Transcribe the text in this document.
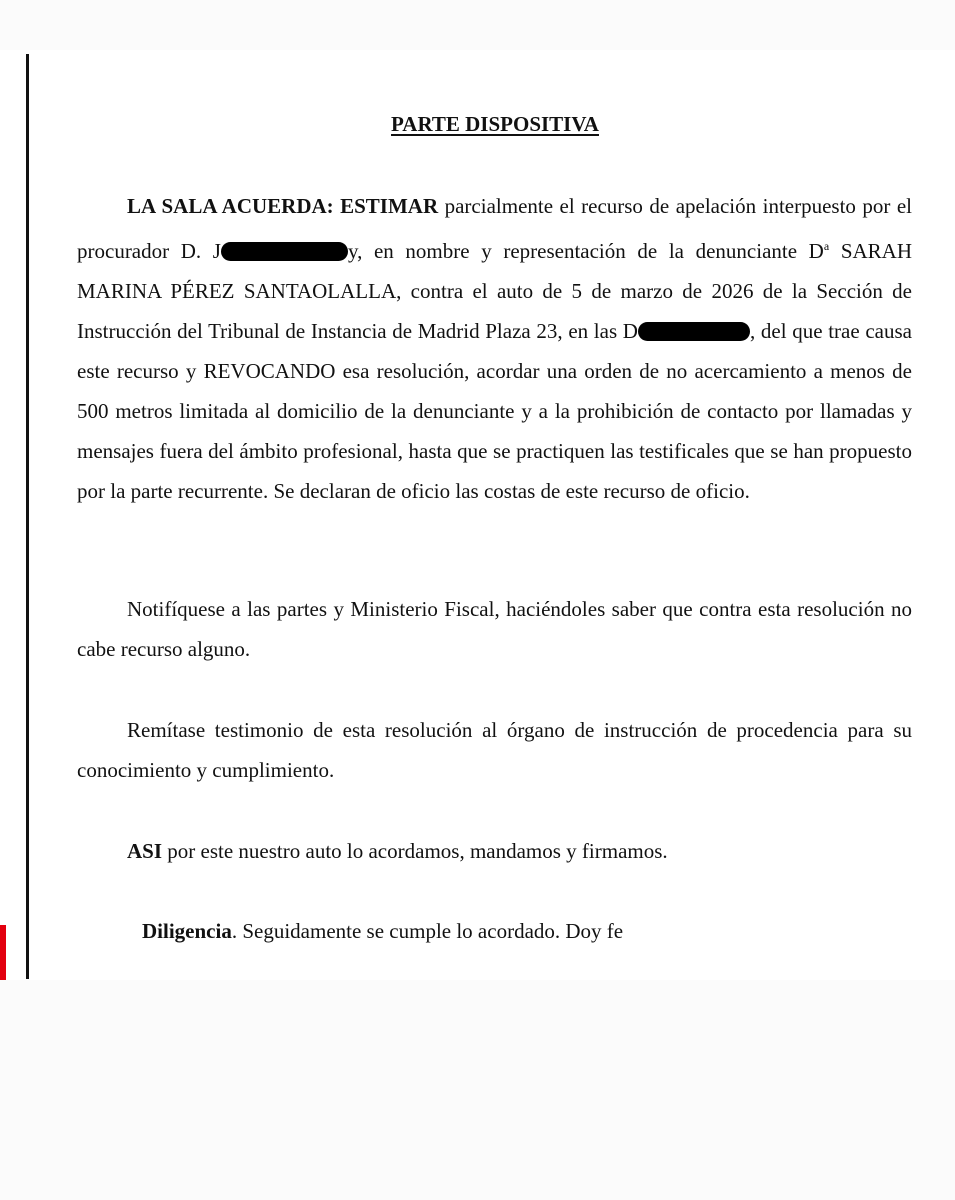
PARTE DISPOSITIVA
LA SALA ACUERDA: ESTIMAR parcialmente el recurso de apelación interpuesto por el procurador D. J	y, en nombre y representación de la denunciante $D^a$ SARAH MARINA PÉREZ SANTAOLALLA, contra el auto de 5 de marzo de 2026 de la Sección de Instrucción del Tribunal de Instancia de Madrid Plaza 23, en las D	, del que trae causa este recurso y REVOCANDO esa resolución, acordar una orden de no acercamiento a menos de 500 metros limitada al domicilio de la denunciante y a la prohibición de contacto por llamadas y mensajes fuera del ámbito profesional, hasta que se practiquen las testificales que se han propuesto por la parte recurrente. Se declaran de oficio las costas de este recurso de oficio.
Notifíquese a las partes y Ministerio Fiscal, haciéndoles saber que contra esta resolución no cabe recurso alguno.
Remítase testimonio de esta resolución al órgano de instrucción de procedencia para su conocimiento y cumplimiento.
ASI por este nuestro auto lo acordamos, mandamos y firmamos.
Diligencia. Seguidamente se cumple lo acordado. Doy fe
